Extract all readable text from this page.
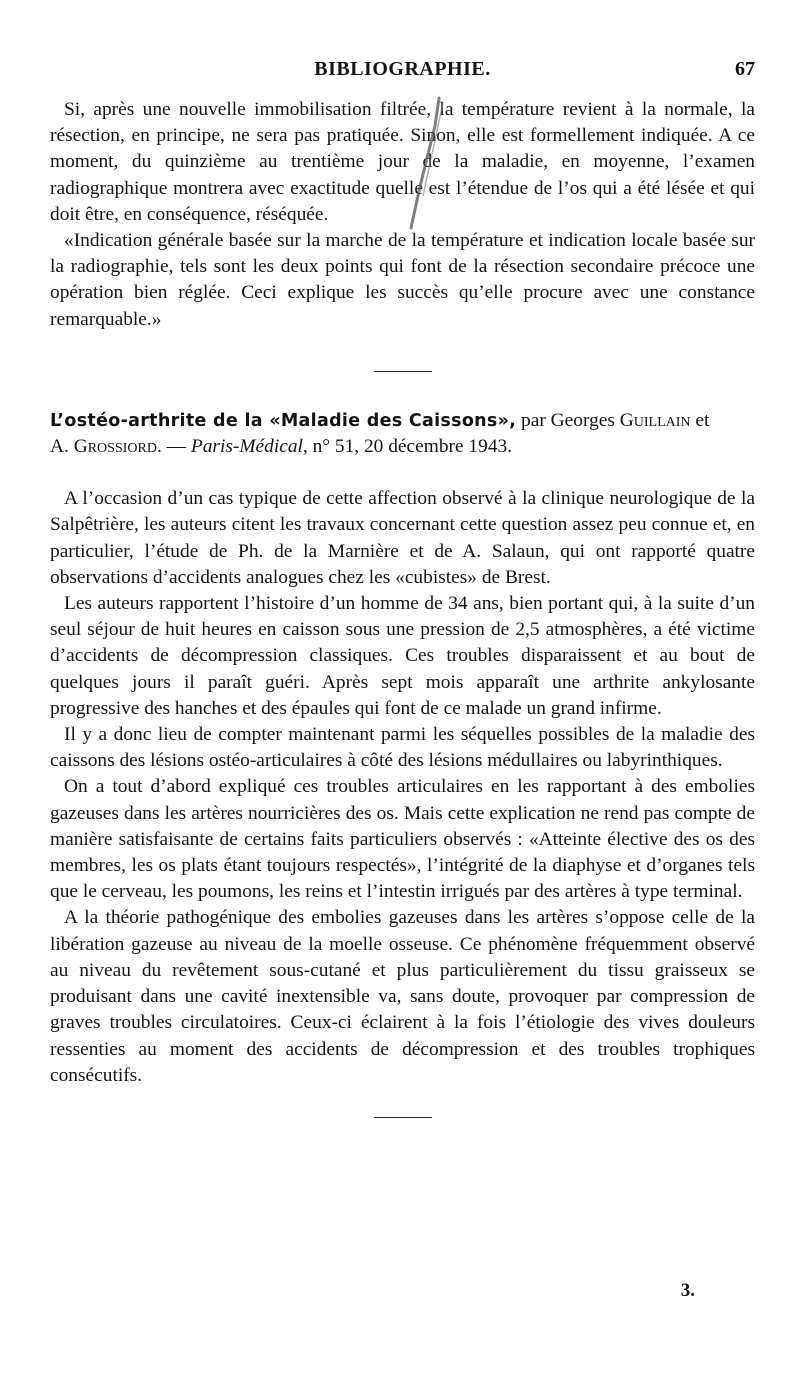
BIBLIOGRAPHIE.	67

Si, après une nouvelle immobilisation filtrée, la température revient à la normale, la résection, en principe, ne sera pas pratiquée. Sinon, elle est formellement indiquée. A ce moment, du quinzième au trentième jour de la maladie, en moyenne, l’examen radiographique montrera avec exactitude quelle est l’étendue de l’os qui a été lésée et qui doit être, en conséquence, réséquée.

«Indication générale basée sur la marche de la température et indication locale basée sur la radiographie, tels sont les deux points qui font de la résection secondaire précoce une opération bien réglée. Ceci explique les succès qu’elle procure avec une constance remarquable.»

L’ostéo-arthrite de la «Maladie des Caissons», par Georges Guillain et
A. Grossiord. — Paris-Médical, n° 51, 20 décembre 1943.

A l’occasion d’un cas typique de cette affection observé à la clinique neurologique de la Salpêtrière, les auteurs citent les travaux concernant cette question assez peu connue et, en particulier, l’étude de Ph. de la Marnière et de A. Salaun, qui ont rapporté quatre observations d’accidents analogues chez les «cubistes» de Brest.

Les auteurs rapportent l’histoire d’un homme de 34 ans, bien portant qui, à la suite d’un seul séjour de huit heures en caisson sous une pression de 2,5 atmosphères, a été victime d’accidents de décompression classiques. Ces troubles disparaissent et au bout de quelques jours il paraît guéri. Après sept mois apparaît une arthrite ankylosante progressive des hanches et des épaules qui font de ce malade un grand infirme.

Il y a donc lieu de compter maintenant parmi les séquelles possibles de la maladie des caissons des lésions ostéo-articulaires à côté des lésions médullaires ou labyrinthiques.

On a tout d’abord expliqué ces troubles articulaires en les rapportant à des embolies gazeuses dans les artères nourricières des os. Mais cette explication ne rend pas compte de manière satisfaisante de certains faits particuliers observés : «Atteinte élective des os des membres, les os plats étant toujours respectés», l’intégrité de la diaphyse et d’organes tels que le cerveau, les poumons, les reins et l’intestin irrigués par des artères à type terminal.

A la théorie pathogénique des embolies gazeuses dans les artères s’oppose celle de la libération gazeuse au niveau de la moelle osseuse. Ce phénomène fréquemment observé au niveau du revêtement sous-cutané et plus particulièrement du tissu graisseux se produisant dans une cavité inextensible va, sans doute, provoquer par compression de graves troubles circulatoires. Ceux-ci éclairent à la fois l’étiologie des vives douleurs ressenties au moment des accidents de décompression et des troubles trophiques consécutifs.

3.
